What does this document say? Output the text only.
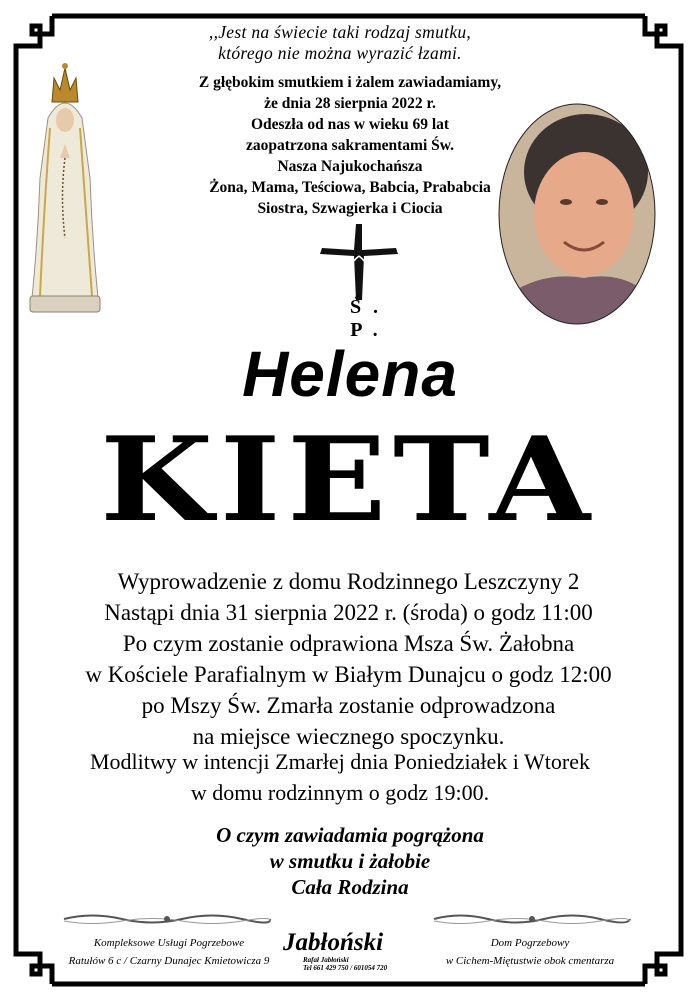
,,Jest na świecie taki rodzaj smutku,
którego nie można wyrazić łzami.
Z głębokim smutkiem i żalem zawiadamiamy,
że dnia 28 sierpnia 2022 r.
Odeszła od nas w wieku 69 lat
zaopatrzona sakramentami Św.
Nasza Najukochańsza
Żona, Mama, Teściowa, Babcia, Prababcia
Siostra, Szwagierka i Ciocia
Ś. P.
Helena
KIETA
Wyprowadzenie z domu Rodzinnego Leszczyny 2
Nastąpi dnia 31 sierpnia 2022 r. (środa) o godz 11:00
Po czym zostanie odprawiona Msza Św. Żałobna
w Kościele Parafialnym w Białym Dunajcu o godz 12:00
po Mszy Św. Zmarła zostanie odprowadzona
na miejsce wiecznego spoczynku.
Modlitwy w intencji Zmarłej dnia Poniedziałek i Wtorek
w domu rodzinnym o godz 19:00.
O czym zawiadamia pogrążona
w smutku i żałobie
Cała Rodzina
Kompleksowe Usługi Pogrzebowe
Ratułów 6 c / Czarny Dunajec Kmietowicza 9
Jabłoński
Rafał Jabłoński
Tel 661 429 750 / 601054 720
Dom Pogrzebowy
w Cichem-Miętustwie obok cmentarza
